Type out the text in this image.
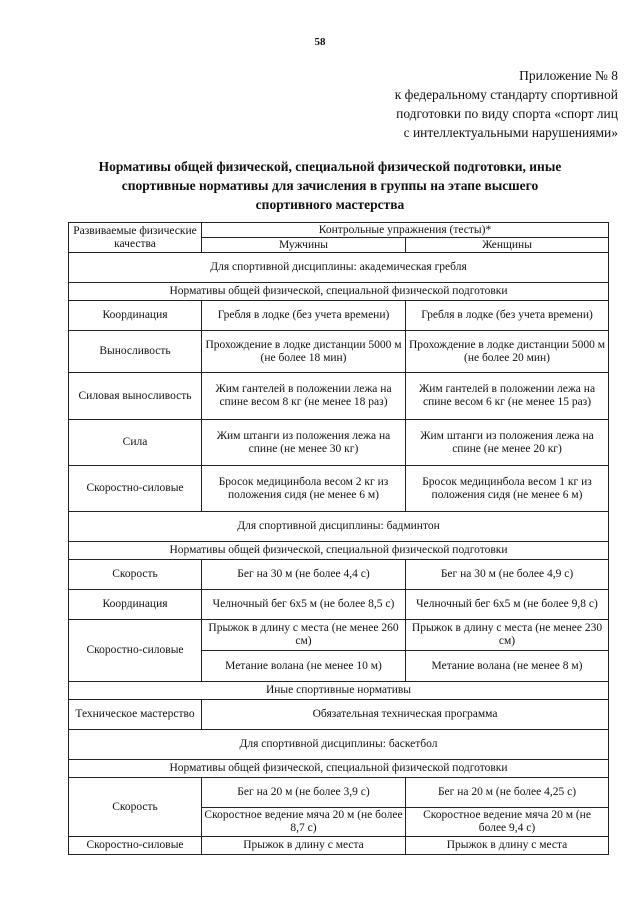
58
Приложение № 8
к федеральному стандарту спортивной
подготовки по виду спорта «спорт лиц
с интеллектуальными нарушениями»
Нормативы общей физической, специальной физической подготовки, иные
спортивные нормативы для зачисления в группы на этапе высшего
спортивного мастерства
Развиваемые физические качества	Контрольные упражнения (тесты)*	
	Мужчины	Женщины
Для спортивной дисциплины: академическая гребля		
Нормативы общей физической, специальной физической подготовки		
Координация	Гребля в лодке (без учета времени)	Гребля в лодке (без учета времени)
Выносливость	Прохождение в лодке дистанции 5000 м (не более 18 мин)	Прохождение в лодке дистанции 5000 м (не более 20 мин)
Силовая выносливость	Жим гантелей в положении лежа на спине весом 8 кг (не менее 18 раз)	Жим гантелей в положении лежа на спине весом 6 кг (не менее 15 раз)
Сила	Жим штанги из положения лежа на спине (не менее 30 кг)	Жим штанги из положения лежа на спине (не менее 20 кг)
Скоростно-силовые	Бросок медицинбола весом 2 кг из положения сидя (не менее 6 м)	Бросок медицинбола весом 1 кг из положения сидя (не менее 6 м)
Для спортивной дисциплины: бадминтон		
Нормативы общей физической, специальной физической подготовки		
Скорость	Бег на 30 м (не более 4,4 с)	Бег на 30 м (не более 4,9 с)
Координация	Челночный бег 6х5 м (не более 8,5 с)	Челночный бег 6х5 м (не более 9,8 с)
Скоростно-силовые	Прыжок в длину с места (не менее 260 см)	Прыжок в длину с места (не менее 230 см)
	Метание волана (не менее 10 м)	Метание волана (не менее 8 м)
Иные спортивные нормативы		
Техническое мастерство	Обязательная техническая программа	
Для спортивной дисциплины: баскетбол		
Нормативы общей физической, специальной физической подготовки		
Скорость	Бег на 20 м (не более 3,9 с)	Бег на 20 м (не более 4,25 с)
	Скоростное ведение мяча 20 м (не более 8,7 с)	Скоростное ведение мяча 20 м (не более 9,4 с)
Скоростно-силовые	Прыжок в длину с места	Прыжок в длину с места
